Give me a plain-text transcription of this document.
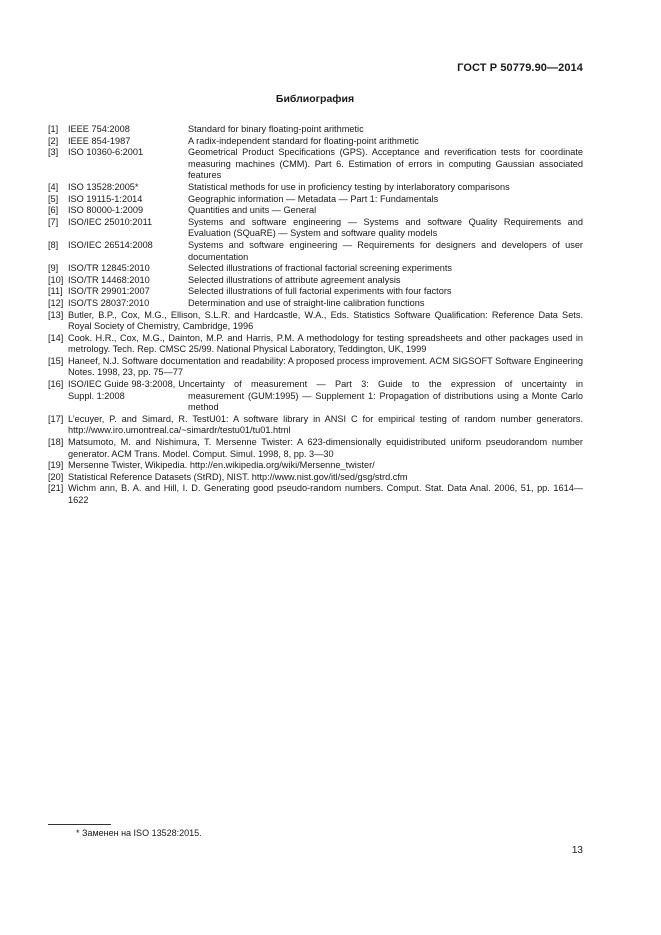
ГОСТ Р 50779.90—2014
Библиография
[1]	IEEE 754:2008	Standard for binary floating-point arithmetic
[2]	IEEE 854-1987	A radix-independent standard for floating-point arithmetic
[3]	ISO 10360-6:2001	Geometrical Product Specifications (GPS). Acceptance and reverification tests for coordinate measuring machines (CMM). Part 6. Estimation of errors in computing Gaussian associated features
[4]	ISO 13528:2005*	Statistical methods for use in proficiency testing by interlaboratory comparisons
[5]	ISO 19115-1:2014	Geographic information — Metadata — Part 1: Fundamentals
[6]	ISO 80000-1:2009	Quantities and units — General
[7]	ISO/IEC 25010:2011	Systems and software engineering — Systems and software Quality Requirements and Evaluation (SQuaRE) — System and software quality models
[8]	ISO/IEC 26514:2008	Systems and software engineering — Requirements for designers and developers of user documentation
[9]	ISO/TR 12845:2010	Selected illustrations of fractional factorial screening experiments
[10] ISO/TR 14468:2010	Selected illustrations of attribute agreement analysis
[11] ISO/TR 29901:2007	Selected illustrations of full factorial experiments with four factors
[12] ISO/TS 28037:2010	Determination and use of straight-line calibration functions
[13] Butler, B.P., Cox, M.G., Ellison, S.L.R. and Hardcastle, W.A., Eds. Statistics Software Qualification: Reference Data Sets. Royal Society of Chemistry, Cambridge, 1996
[14] Cook. H.R., Cox, M.G., Dainton, M.P. and Harris, P.M. A methodology for testing spreadsheets and other packages used in metrology. Tech. Rep. CMSC 25/99. National Physical Laboratory, Teddington, UK, 1999
[15] Haneef, N.J. Software documentation and readability: A proposed process improvement. ACM SIGSOFT Software Engineering Notes. 1998, 23, pp. 75—77
[16] ISO/IEC Guide 98-3:2008, Uncertainty of measurement — Part 3: Guide to the expression of uncertainty in
Suppl. 1:2008	measurement (GUM:1995) — Supplement 1: Propagation of distributions using a Monte Carlo method
[17] L’ecuyer, P. and Simard, R. TestU01: A software library in ANSI C for empirical testing of random number generators. http://www.iro.umontreal.ca/~simardr/testu01/tu01.html
[18] Matsumoto, M. and Nishimura, T. Mersenne Twister: A 623-dimensionally equidistributed uniform pseudorandom number generator. ACM Trans. Model. Comput. Simul. 1998, 8, pp. 3—30
[19] Mersenne Twister, Wikipedia. http://en.wikipedia.org/wiki/Mersenne_twister/
[20] Statistical Reference Datasets (StRD), NIST. http://www.nist.gov/itl/sed/gsg/strd.cfm
[21] Wichm ann, B. A. and Hill, I. D. Generating good pseudo-random numbers. Comput. Stat. Data Anal. 2006, 51, pp. 1614—1622
* Заменен на ISO 13528:2015.
13
